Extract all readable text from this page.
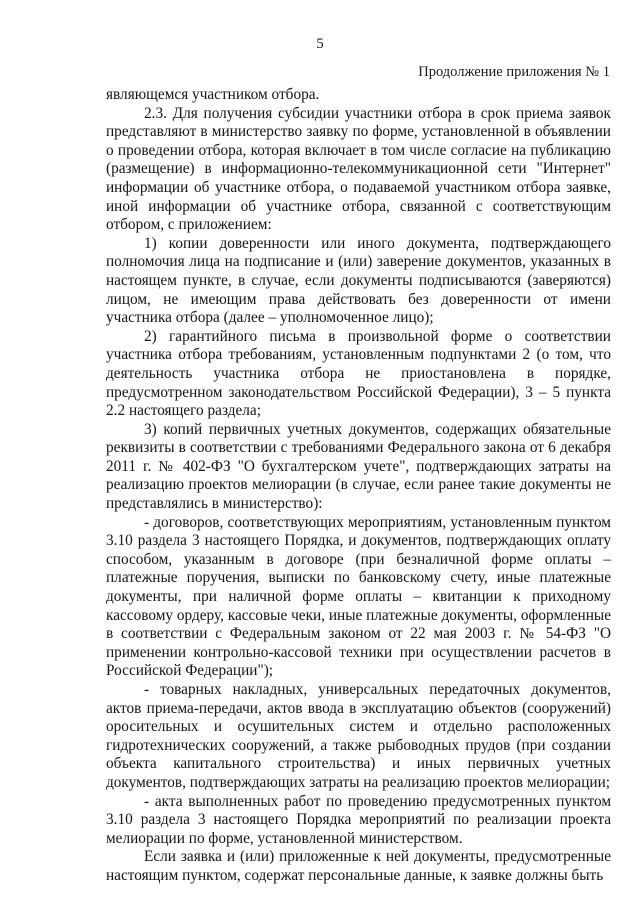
5
Продолжение приложения № 1

являющемся участником отбора.

2.3. Для получения субсидии участники отбора в срок приема заявок представляют в министерство заявку по форме, установленной в объявлении о проведении отбора, которая включает в том числе согласие на публикацию (размещение) в информационно-телекоммуникационной сети "Интернет" информации об участнике отбора, о подаваемой участником отбора заявке, иной информации об участнике отбора, связанной с соответствующим отбором, с приложением:

1) копии доверенности или иного документа, подтверждающего полномочия лица на подписание и (или) заверение документов, указанных в настоящем пункте, в случае, если документы подписываются (заверяются) лицом, не имеющим права действовать без доверенности от имени участника отбора (далее – уполномоченное лицо);

2) гарантийного письма в произвольной форме о соответствии участника отбора требованиям, установленным подпунктами 2 (о том, что деятельность участника отбора не приостановлена в порядке, предусмотренном законодательством Российской Федерации), 3 – 5 пункта 2.2 настоящего раздела;

3) копий первичных учетных документов, содержащих обязательные реквизиты в соответствии с требованиями Федерального закона от 6 декабря 2011 г. № 402-ФЗ "О бухгалтерском учете", подтверждающих затраты на реализацию проектов мелиорации (в случае, если ранее такие документы не представлялись в министерство):

- договоров, соответствующих мероприятиям, установленным пунктом 3.10 раздела 3 настоящего Порядка, и документов, подтверждающих оплату способом, указанным в договоре (при безналичной форме оплаты – платежные поручения, выписки по банковскому счету, иные платежные документы, при наличной форме оплаты – квитанции к приходному кассовому ордеру, кассовые чеки, иные платежные документы, оформленные в соответствии с Федеральным законом от 22 мая 2003 г. № 54-ФЗ "О применении контрольно-кассовой техники при осуществлении расчетов в Российской Федерации");

- товарных накладных, универсальных передаточных документов, актов приема-передачи, актов ввода в эксплуатацию объектов (сооружений) оросительных и осушительных систем и отдельно расположенных гидротехнических сооружений, а также рыбоводных прудов (при создании объекта капитального строительства) и иных первичных учетных документов, подтверждающих затраты на реализацию проектов мелиорации;

- акта выполненных работ по проведению предусмотренных пунктом 3.10 раздела 3 настоящего Порядка мероприятий по реализации проекта мелиорации по форме, установленной министерством.

Если заявка и (или) приложенные к ней документы, предусмотренные настоящим пунктом, содержат персональные данные, к заявке должны быть
